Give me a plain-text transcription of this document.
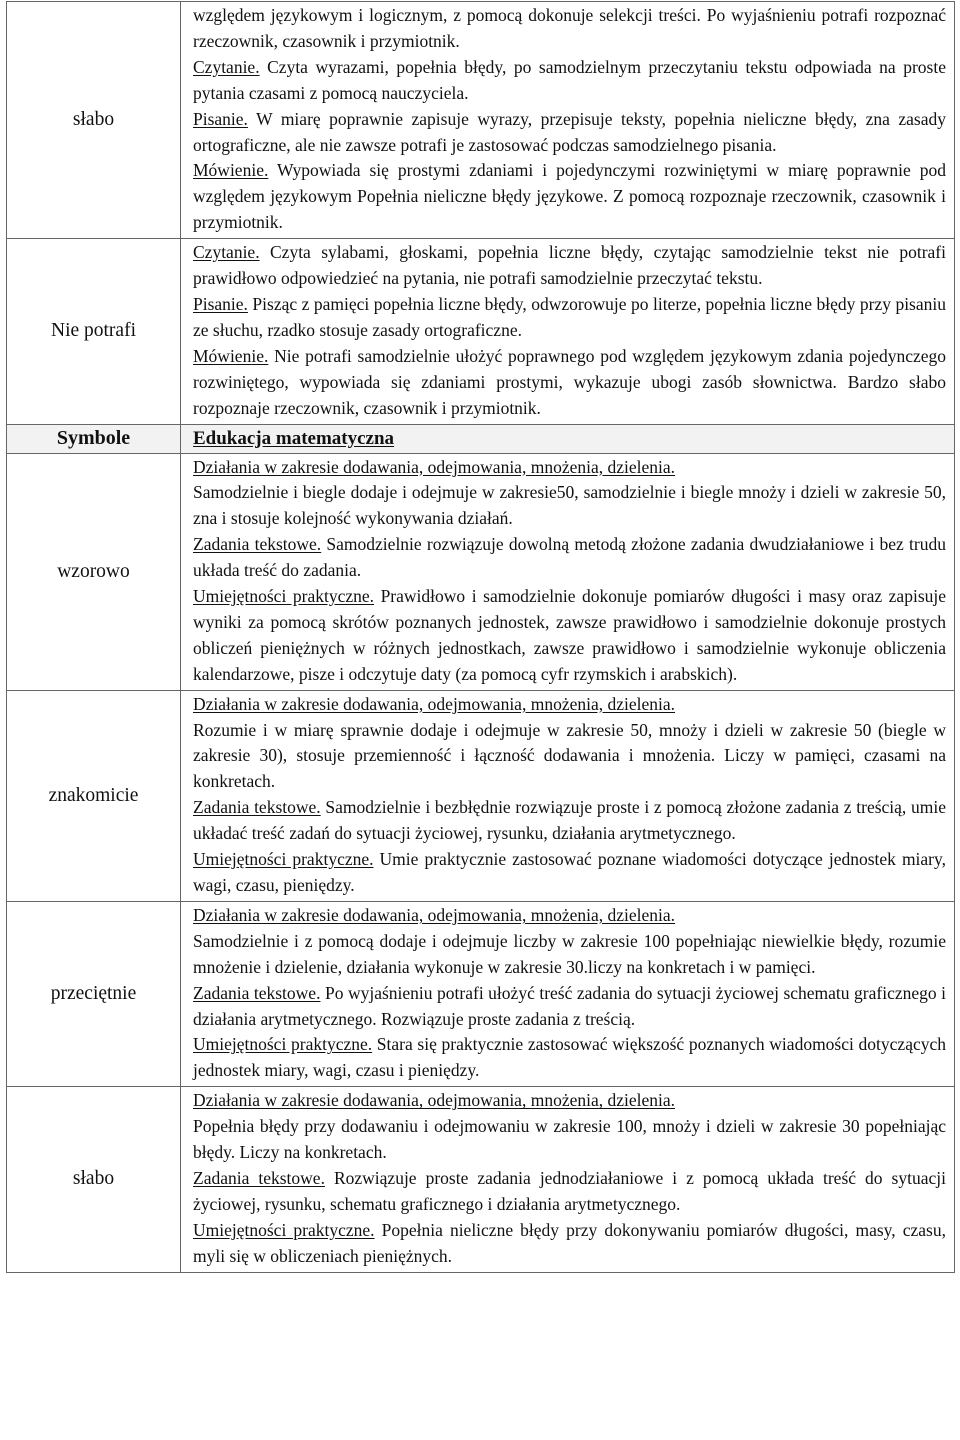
słabo	względem językowym i logicznym, z pomocą dokonuje selekcji treści. Po wyjaśnieniu potrafi rozpoznać rzeczownik, czasownik i przymiotnik.

Czytanie. Czyta wyrazami, popełnia błędy, po samodzielnym przeczytaniu tekstu odpowiada na proste pytania czasami z pomocą nauczyciela.

Pisanie. W miarę poprawnie zapisuje wyrazy, przepisuje teksty, popełnia nieliczne błędy, zna zasady ortograficzne, ale nie zawsze potrafi je zastosować podczas samodzielnego pisania.

Mówienie. Wypowiada się prostymi zdaniami i pojedynczymi rozwiniętymi w miarę poprawnie pod względem językowym Popełnia nieliczne błędy językowe. Z pomocą rozpoznaje rzeczownik, czasownik i przymiotnik.

Nie potrafi	Czytanie. Czyta sylabami, głoskami, popełnia liczne błędy, czytając samodzielnie tekst nie potrafi prawidłowo odpowiedzieć na pytania, nie potrafi samodzielnie przeczytać tekstu.

Pisanie. Pisząc z pamięci popełnia liczne błędy, odwzorowuje po literze, popełnia liczne błędy przy pisaniu ze słuchu, rzadko stosuje zasady ortograficzne.

Mówienie. Nie potrafi samodzielnie ułożyć poprawnego pod względem językowym zdania pojedynczego rozwiniętego, wypowiada się zdaniami prostymi, wykazuje ubogi zasób słownictwa. Bardzo słabo rozpoznaje rzeczownik, czasownik i przymiotnik.

Symbole	Edukacja matematyczna

wzorowo	Działania w zakresie dodawania, odejmowania, mnożenia, dzielenia.

Samodzielnie i biegle dodaje i odejmuje w zakresie50, samodzielnie i biegle mnoży i dzieli w zakresie 50, zna i stosuje kolejność wykonywania działań.

Zadania tekstowe. Samodzielnie rozwiązuje dowolną metodą złożone zadania dwudziałaniowe i bez trudu układa treść do zadania.

Umiejętności praktyczne. Prawidłowo i samodzielnie dokonuje pomiarów długości i masy oraz zapisuje wyniki za pomocą skrótów poznanych jednostek, zawsze prawidłowo i samodzielnie dokonuje prostych obliczeń pieniężnych w różnych jednostkach, zawsze prawidłowo i samodzielnie wykonuje obliczenia kalendarzowe, pisze i odczytuje daty (za pomocą cyfr rzymskich i arabskich).

znakomicie	Działania w zakresie dodawania, odejmowania, mnożenia, dzielenia.

Rozumie i w miarę sprawnie dodaje i odejmuje w zakresie 50, mnoży i dzieli w zakresie 50 (biegle w zakresie 30), stosuje przemienność i łączność dodawania i mnożenia. Liczy w pamięci, czasami na konkretach.

Zadania tekstowe. Samodzielnie i bezbłędnie rozwiązuje proste i z pomocą złożone zadania z treścią, umie układać treść zadań do sytuacji życiowej, rysunku, działania arytmetycznego.

Umiejętności praktyczne. Umie praktycznie zastosować poznane wiadomości dotyczące jednostek miary, wagi, czasu, pieniędzy.

przeciętnie	Działania w zakresie dodawania, odejmowania, mnożenia, dzielenia.

Samodzielnie i z pomocą dodaje i odejmuje liczby w zakresie 100 popełniając niewielkie błędy, rozumie mnożenie i dzielenie, działania wykonuje w zakresie 30.liczy na konkretach i w pamięci.

Zadania tekstowe. Po wyjaśnieniu potrafi ułożyć treść zadania do sytuacji życiowej schematu graficznego i działania arytmetycznego. Rozwiązuje proste zadania z treścią.

Umiejętności praktyczne. Stara się praktycznie zastosować większość poznanych wiadomości dotyczących jednostek miary, wagi, czasu i pieniędzy.

słabo	Działania w zakresie dodawania, odejmowania, mnożenia, dzielenia.

Popełnia błędy przy dodawaniu i odejmowaniu w zakresie 100, mnoży i dzieli w zakresie 30 popełniając błędy. Liczy na konkretach.

Zadania tekstowe. Rozwiązuje proste zadania jednodziałaniowe i z pomocą układa treść do sytuacji życiowej, rysunku, schematu graficznego i działania arytmetycznego.

Umiejętności praktyczne. Popełnia nieliczne błędy przy dokonywaniu pomiarów długości, masy, czasu, myli się w obliczeniach pieniężnych.
